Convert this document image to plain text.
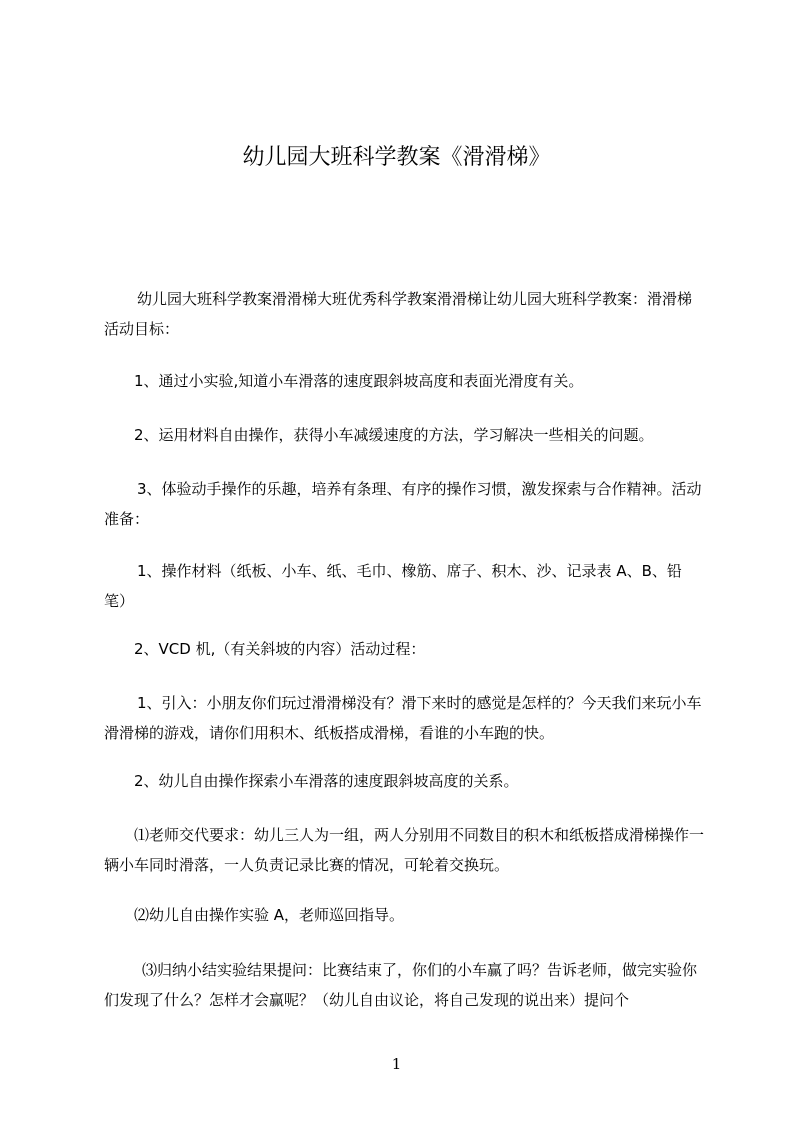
幼儿园大班科学教案《滑滑梯》

幼儿园大班科学教案滑滑梯大班优秀科学教案滑滑梯让幼儿园大班科学教案：滑滑梯活动目标：

1、通过小实验,知道小车滑落的速度跟斜坡高度和表面光滑度有关。

2、运用材料自由操作，获得小车减缓速度的方法，学习解决一些相关的问题。

3、体验动手操作的乐趣，培养有条理、有序的操作习惯，激发探索与合作精神。活动准备：

1、操作材料（纸板、小车、纸、毛巾、橡筋、席子、积木、沙、记录表 A、B、铅笔）

2、VCD 机,（有关斜坡的内容）活动过程：

1、引入：小朋友你们玩过滑滑梯没有？滑下来时的感觉是怎样的？今天我们来玩小车滑滑梯的游戏，请你们用积木、纸板搭成滑梯，看谁的小车跑的快。

2、幼儿自由操作探索小车滑落的速度跟斜坡高度的关系。

⑴老师交代要求：幼儿三人为一组，两人分别用不同数目的积木和纸板搭成滑梯操作一辆小车同时滑落，一人负责记录比赛的情况，可轮着交换玩。

⑵幼儿自由操作实验 A，老师巡回指导。

⑶归纳小结实验结果提问：比赛结束了，你们的小车赢了吗？告诉老师，做完实验你们发现了什么？怎样才会赢呢？（幼儿自由议论，将自己发现的说出来）提问个

1
